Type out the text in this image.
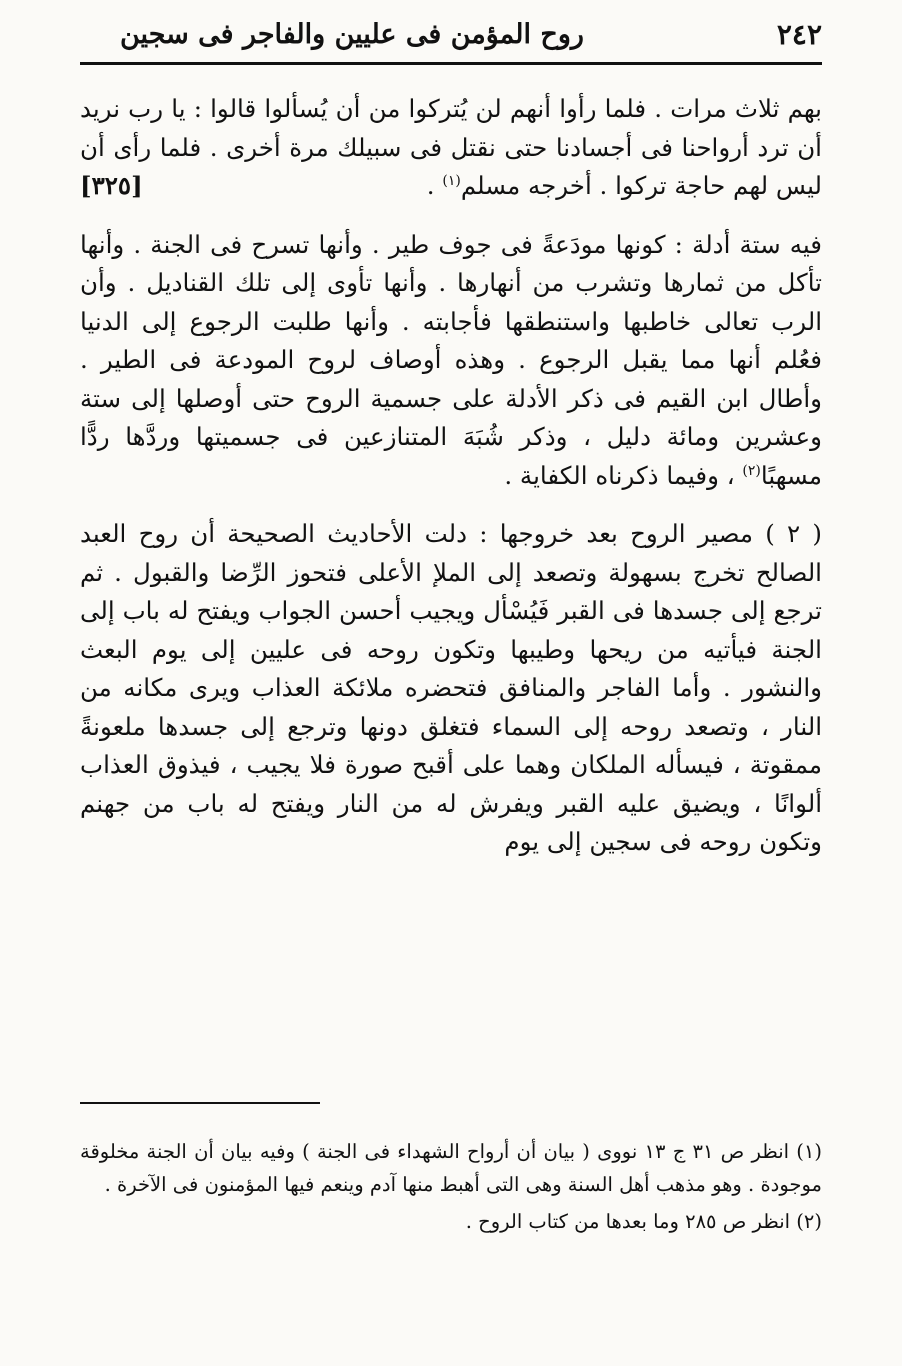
٢٤٢
روح المؤمن فى عليين والفاجر فى سجين

بهم ثلاث مرات . فلما رأوا أنهم لن يُتركوا من أن يُسألوا قالوا : يا رب نريد أن ترد أرواحنا فى أجسادنا حتى نقتل فى سبيلك مرة أخرى . فلما رأى أن ليس لهم حاجة تركوا . أخرجه مسلم$^{(١)}$ .
[٣٢٥]

فيه ستة أدلة : كونها مودَعةً فى جوف طير . وأنها تسرح فى الجنة . وأنها تأكل من ثمارها وتشرب من أنهارها . وأنها تأوى إلى تلك القناديل . وأن الرب تعالى خاطبها واستنطقها فأجابته . وأنها طلبت الرجوع إلى الدنيا فعُلم أنها مما يقبل الرجوع . وهذه أوصاف لروح المودعة فى الطير . وأطال ابن القيم فى ذكر الأدلة على جسمية الروح حتى أوصلها إلى ستة وعشرين ومائة دليل ، وذكر شُبَهَ المتنازعين فى جسميتها وردَّها ردًّا مسهبًا$^{(٢)}$ ، وفيما ذكرناه الكفاية .

( ٢ ) مصير الروح بعد خروجها : دلت الأحاديث الصحيحة أن روح العبد الصالح تخرج بسهولة وتصعد إلى الملإ الأعلى فتحوز الرِّضا والقبول . ثم ترجع إلى جسدها فى القبر فَيُسْأل ويجيب أحسن الجواب ويفتح له باب إلى الجنة فيأتيه من ريحها وطيبها وتكون روحه فى عليين إلى يوم البعث والنشور . وأما الفاجر والمنافق فتحضره ملائكة العذاب ويرى مكانه من النار ، وتصعد روحه إلى السماء فتغلق دونها وترجع إلى جسدها ملعونةً ممقوتة ، فيسأله الملكان وهما على أقبح صورة فلا يجيب ، فيذوق العذاب ألوانًا ، ويضيق عليه القبر ويفرش له من النار ويفتح له باب من جهنم وتكون روحه فى سجين إلى يوم

(١) انظر ص ٣١ ج ١٣ نووى ( بيان أن أرواح الشهداء فى الجنة ) وفيه بيان أن الجنة مخلوقة موجودة . وهو مذهب أهل السنة وهى التى أهبط منها آدم وينعم فيها المؤمنون فى الآخرة .

(٢) انظر ص ٢٨٥ وما بعدها من كتاب الروح .
